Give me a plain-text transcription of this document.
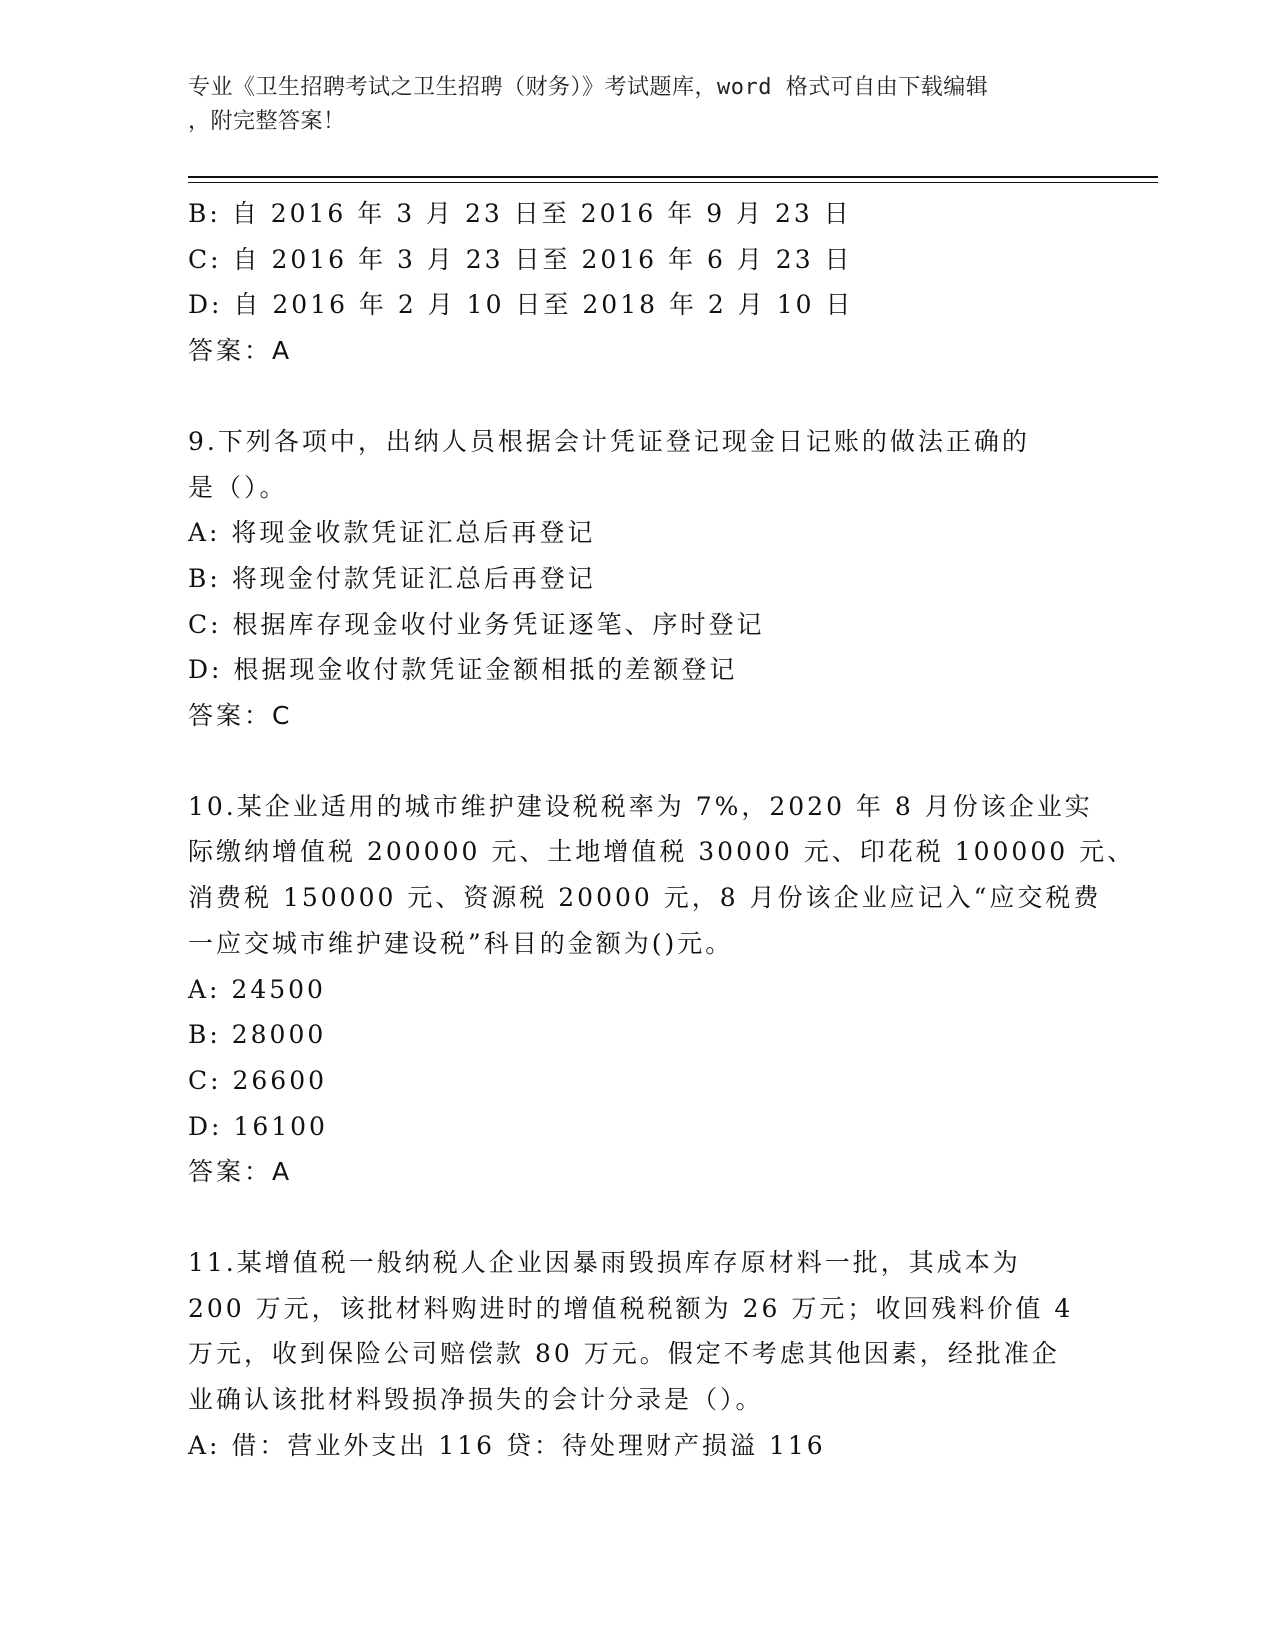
专业《卫生招聘考试之卫生招聘（财务）》考试题库，word 格式可自由下载编辑
，附完整答案！
B: 自 2016 年 3 月 23 日至 2016 年 9 月 23 日
C: 自 2016 年 3 月 23 日至 2016 年 6 月 23 日
D: 自 2016 年 2 月 10 日至 2018 年 2 月 10 日
答案：A
9.下列各项中，出纳人员根据会计凭证登记现金日记账的做法正确的
是（）。
A: 将现金收款凭证汇总后再登记
B: 将现金付款凭证汇总后再登记
C: 根据库存现金收付业务凭证逐笔、序时登记
D: 根据现金收付款凭证金额相抵的差额登记
答案：C
10.某企业适用的城市维护建设税税率为 7%，2020 年 8 月份该企业实
际缴纳增值税 200000 元、土地增值税 30000 元、印花税 100000 元、
消费税 150000 元、资源税 20000 元，8 月份该企业应记入“应交税费
一应交城市维护建设税”科目的金额为()元。
A: 24500
B: 28000
C: 26600
D: 16100
答案：A
11.某增值税一般纳税人企业因暴雨毁损库存原材料一批，其成本为
200 万元，该批材料购进时的增值税税额为 26 万元；收回残料价值 4
万元，收到保险公司赔偿款 80 万元。假定不考虑其他因素，经批准企
业确认该批材料毁损净损失的会计分录是（）。
A: 借：营业外支出 116 贷：待处理财产损溢 116
